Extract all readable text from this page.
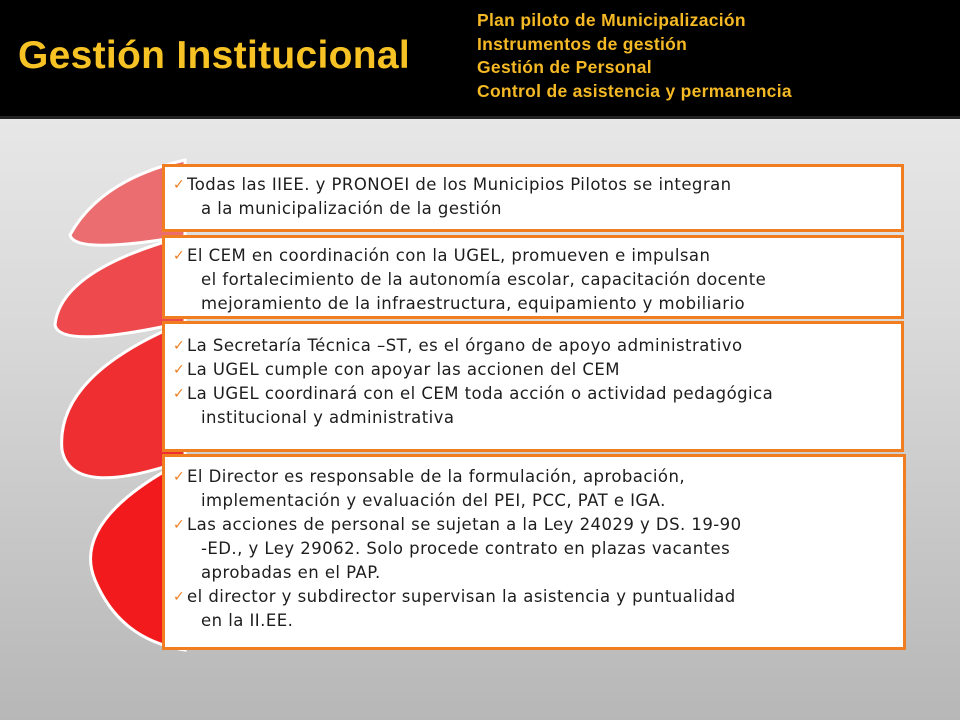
Gestión Institucional
Plan piloto de Municipalización
Instrumentos de gestión
Gestión de Personal
Control de asistencia y permanencia

✓ Todas las IIEE. y PRONOEI de los Municipios Pilotos se integran
a la municipalización de la gestión

✓ El CEM en coordinación con la UGEL, promueven e impulsan
el fortalecimiento de la autonomía escolar, capacitación docente
mejoramiento de la infraestructura, equipamiento y mobiliario

✓ La Secretaría Técnica –ST, es el órgano de apoyo administrativo

✓ La UGEL cumple con apoyar las accionen del CEM

✓ La UGEL coordinará con el CEM toda acción o actividad pedagógica
institucional y administrativa

✓ El Director es responsable de la formulación, aprobación,
implementación y evaluación del PEI, PCC, PAT e IGA.

✓ Las acciones de personal se sujetan a la Ley 24029 y DS. 19-90
-ED., y Ley 29062. Solo procede contrato en plazas vacantes
aprobadas en el PAP.

✓ el director y subdirector supervisan la asistencia y puntualidad
en la II.EE.
